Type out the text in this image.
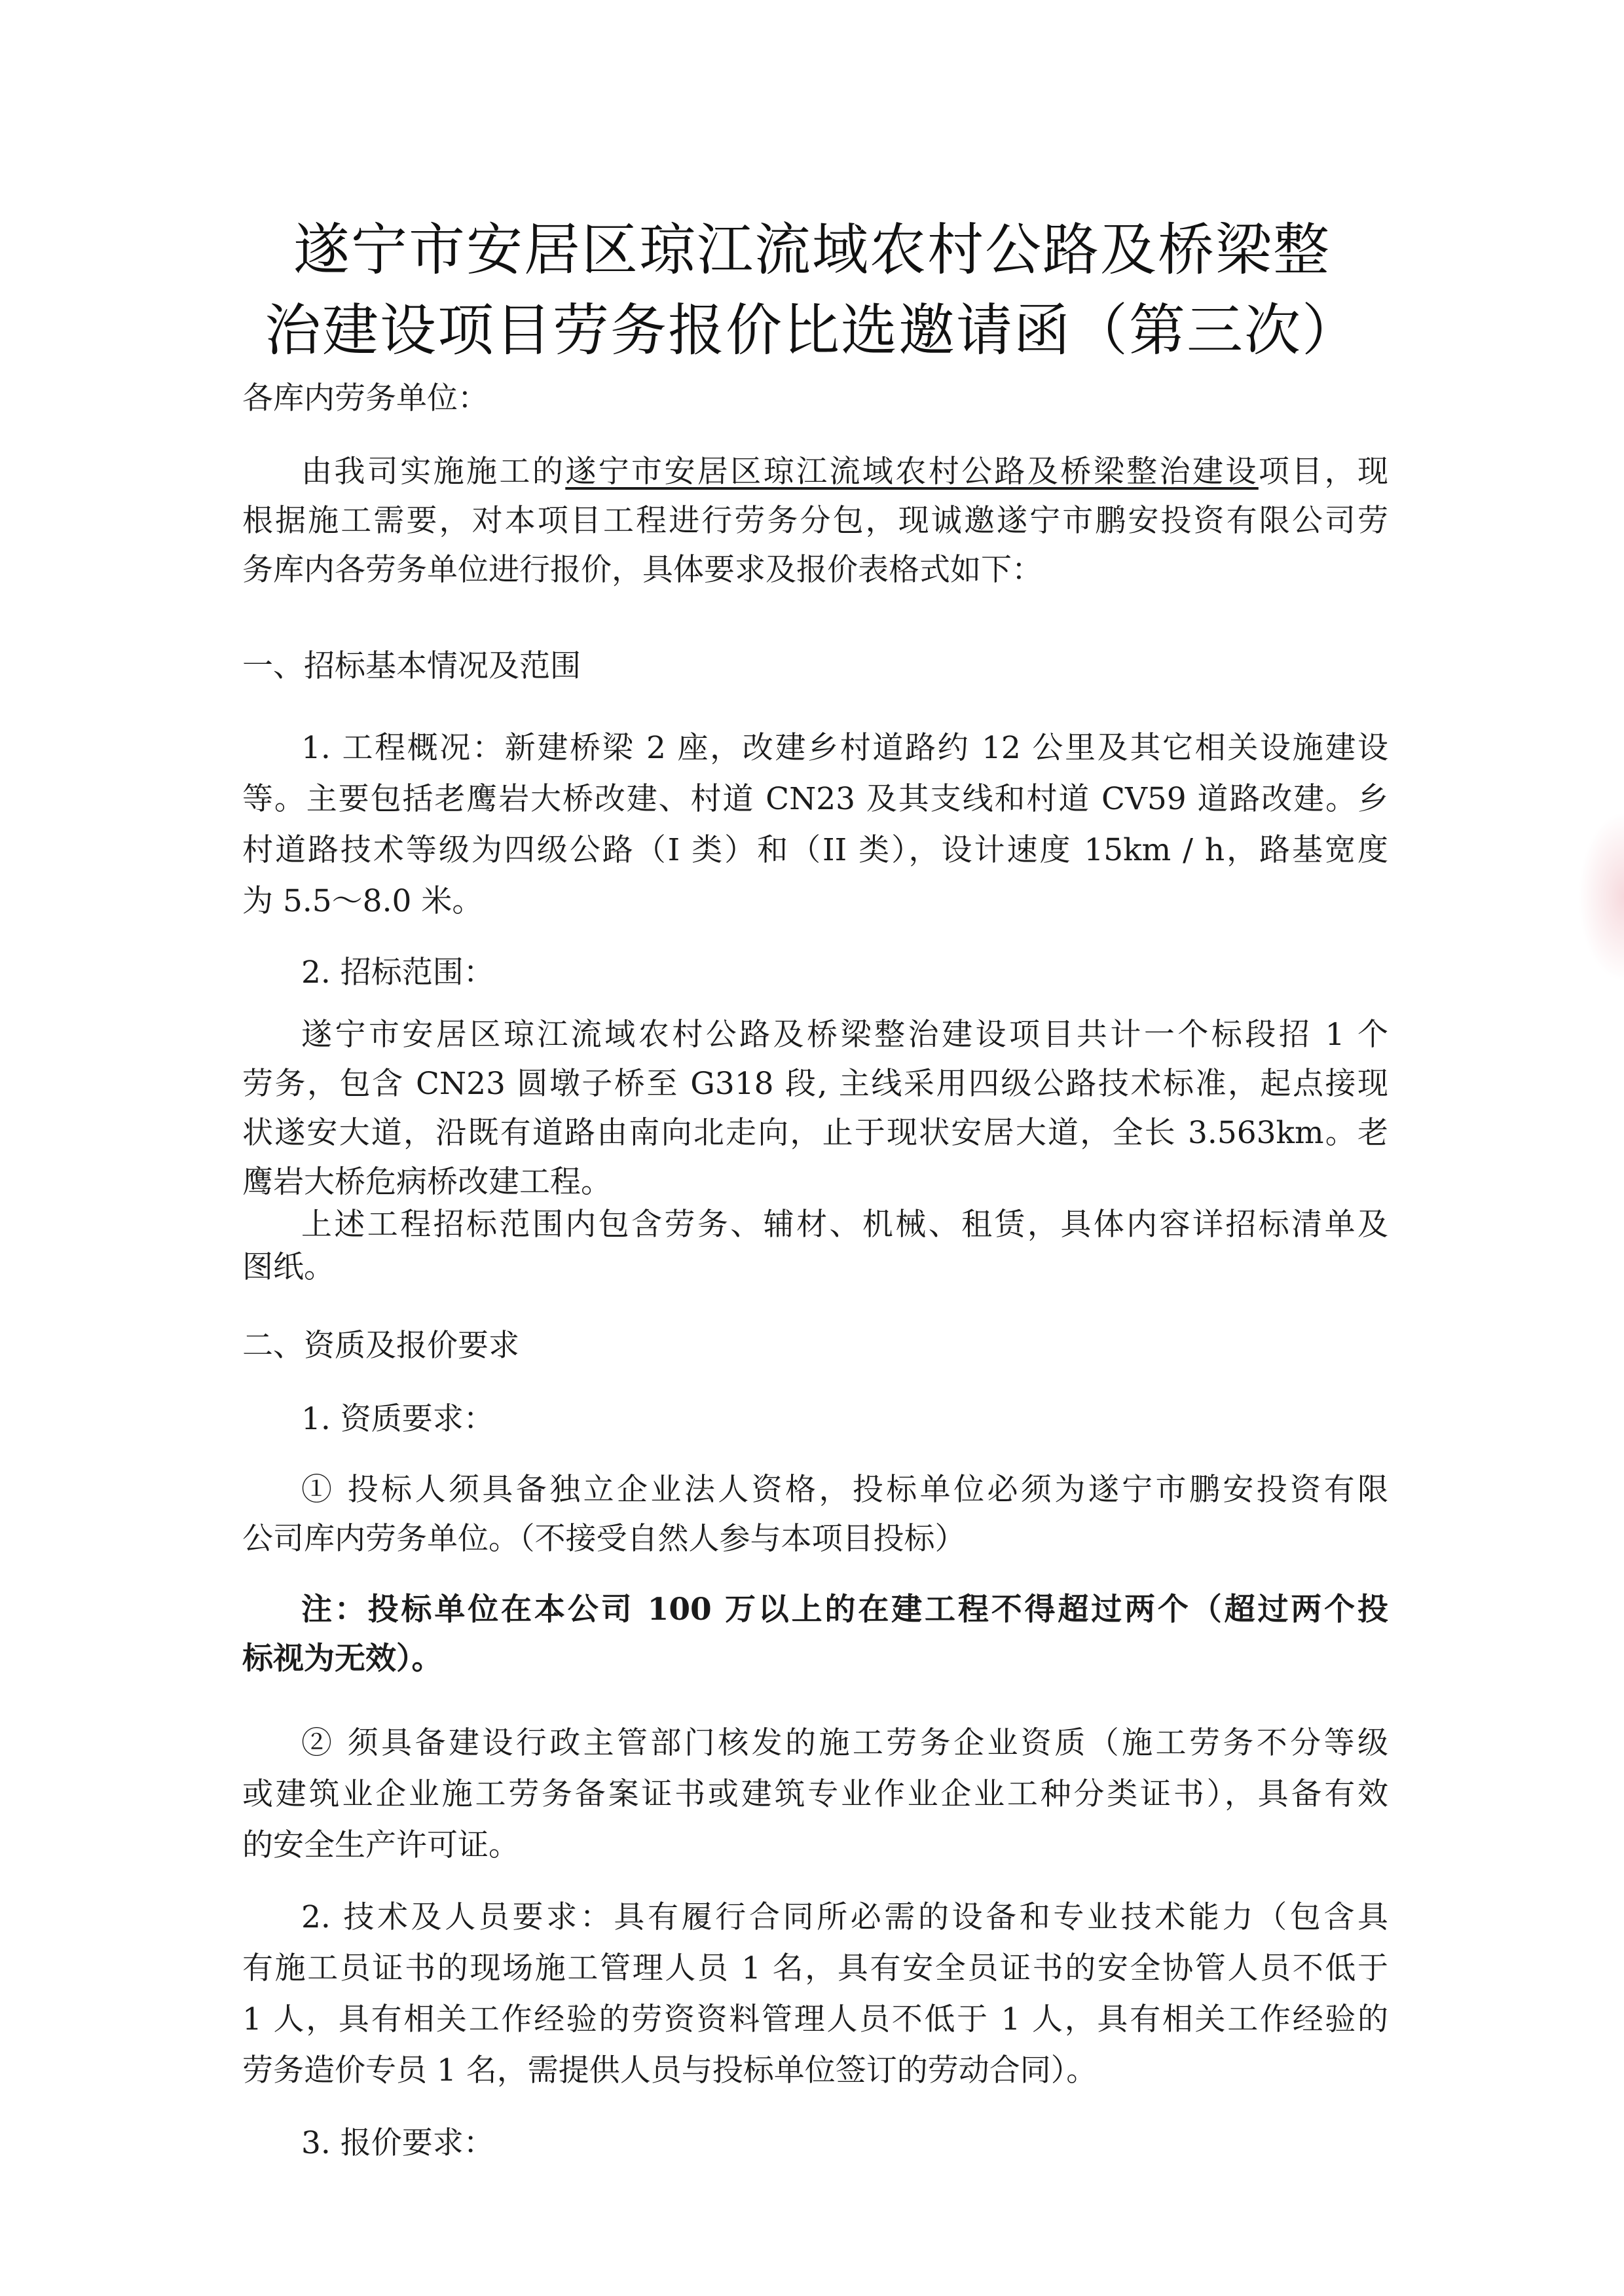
遂宁市安居区琼江流域农村公路及桥梁整
治建设项目劳务报价比选邀请函（第三次）
各库内劳务单位：
由我司实施施工的遂宁市安居区琼江流域农村公路及桥梁整治建设项目，现
根据施工需要，对本项目工程进行劳务分包，现诚邀遂宁市鹏安投资有限公司劳
务库内各劳务单位进行报价，具体要求及报价表格式如下：
一、招标基本情况及范围
1. 工程概况：新建桥梁 2 座，改建乡村道路约 12 公里及其它相关设施建设
等。主要包括老鹰岩大桥改建、村道 CN23 及其支线和村道 CV59 道路改建。乡
村道路技术等级为四级公路（I 类）和（II 类），设计速度 15km / h，路基宽度
为 5.5～8.0 米。
2. 招标范围：
遂宁市安居区琼江流域农村公路及桥梁整治建设项目共计一个标段招 1 个
劳务，包含 CN23 圆墩子桥至 G318 段, 主线采用四级公路技术标准，起点接现
状遂安大道，沿既有道路由南向北走向，止于现状安居大道，全长 3.563km。老
鹰岩大桥危病桥改建工程。
上述工程招标范围内包含劳务、辅材、机械、租赁，具体内容详招标清单及
图纸。
二、资质及报价要求
1. 资质要求：
① 投标人须具备独立企业法人资格，投标单位必须为遂宁市鹏安投资有限
公司库内劳务单位。（不接受自然人参与本项目投标）
注：投标单位在本公司 100 万以上的在建工程不得超过两个（超过两个投
标视为无效）。
② 须具备建设行政主管部门核发的施工劳务企业资质（施工劳务不分等级
或建筑业企业施工劳务备案证书或建筑专业作业企业工种分类证书），具备有效
的安全生产许可证。
2. 技术及人员要求：具有履行合同所必需的设备和专业技术能力（包含具
有施工员证书的现场施工管理人员 1 名，具有安全员证书的安全协管人员不低于
1 人，具有相关工作经验的劳资资料管理人员不低于 1 人，具有相关工作经验的
劳务造价专员 1 名，需提供人员与投标单位签订的劳动合同）。
3. 报价要求：
